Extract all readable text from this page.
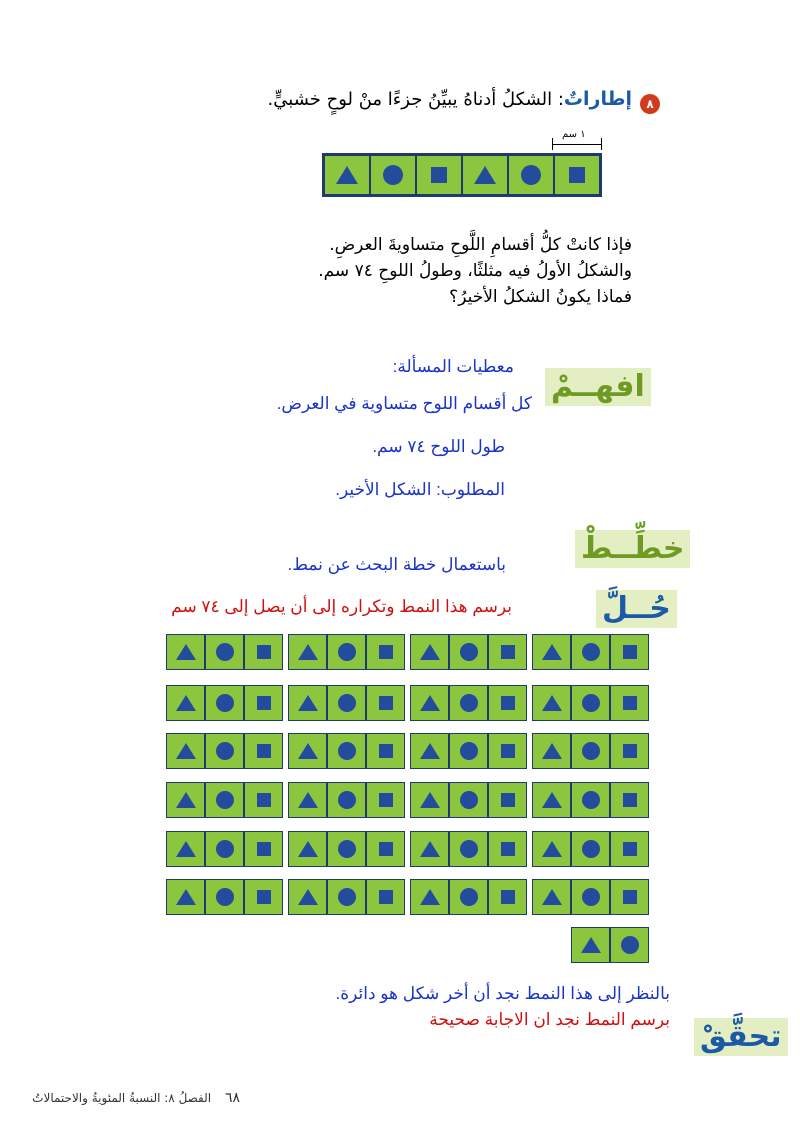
٨
إطاراتٌ: الشكلُ أدناهُ يبيِّنُ جزءًا منْ لوحٍ خشبيٍّ.
١ سم
فإذا كانتْ كلُّ أقسامِ اللَّوحِ متساويةَ العرضِ.
والشكلُ الأولُ فيه مثلثًا، وطولُ اللوحِ ٧٤ سم.
فماذا يكونُ الشكلُ الأخيرُ؟
افهــمْ
معطيات المسألة:
كل أقسام اللوح متساوية في العرض.
طول اللوح ٧٤ سم.
المطلوب: الشكل الأخير.
خطِّــطْ
باستعمال خطة البحث عن نمط.
حُــلَّ
برسم هذا النمط وتكراره إلى أن يصل إلى ٧٤ سم
بالنظر إلى هذا النمط نجد أن أخر شكل هو دائرة.
تحقَّقْ
برسم النمط نجد ان الاجابة صحيحة
٦٨ الفصلُ ٨: النسبةُ المئويةُ والاحتمالاتُ
